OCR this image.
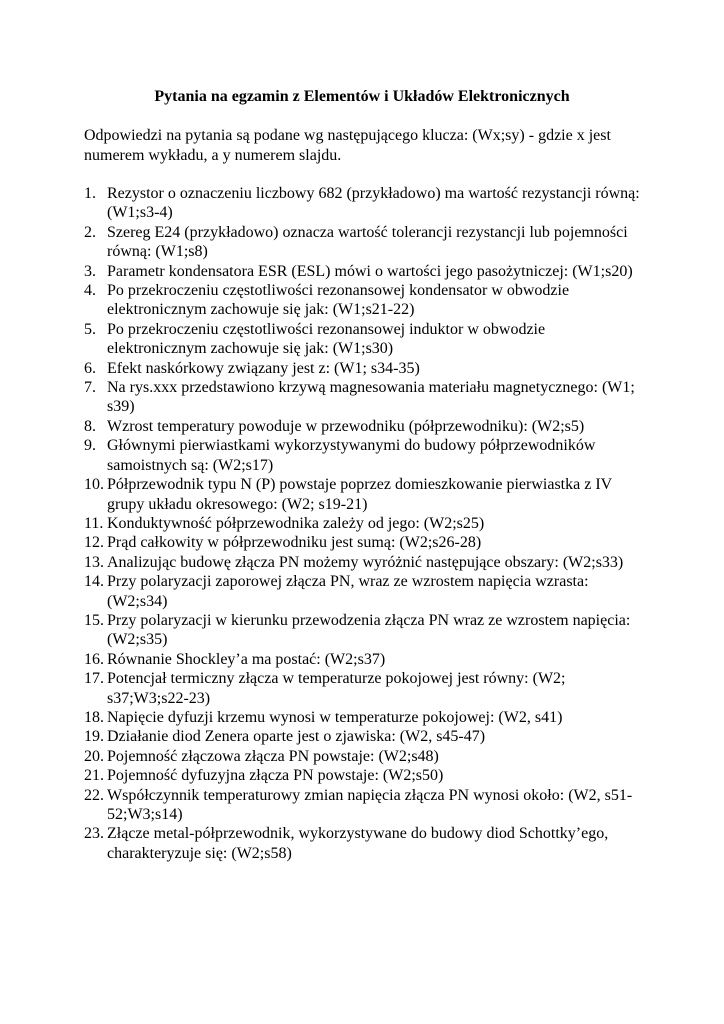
Pytania na egzamin z Elementów i Układów Elektronicznych
Odpowiedzi na pytania są podane wg następującego klucza: (Wx;sy) - gdzie x jest numerem wykładu, a y numerem slajdu.
1. Rezystor o oznaczeniu liczbowy 682 (przykładowo) ma wartość rezystancji równą: (W1;s3-4)
2. Szereg E24 (przykładowo) oznacza wartość tolerancji rezystancji lub pojemności równą: (W1;s8)
3. Parametr kondensatora ESR (ESL) mówi o wartości jego pasożytniczej: (W1;s20)
4. Po przekroczeniu częstotliwości rezonansowej kondensator w obwodzie elektronicznym zachowuje się jak: (W1;s21-22)
5. Po przekroczeniu częstotliwości rezonansowej induktor w obwodzie elektronicznym zachowuje się jak: (W1;s30)
6. Efekt naskórkowy związany jest z: (W1; s34-35)
7. Na rys.xxx przedstawiono krzywą magnesowania materiału magnetycznego: (W1; s39)
8. Wzrost temperatury powoduje w przewodniku (półprzewodniku): (W2;s5)
9. Głównymi pierwiastkami wykorzystywanymi do budowy półprzewodników samoistnych są: (W2;s17)
10. Półprzewodnik typu N (P) powstaje poprzez domieszkowanie pierwiastka z IV grupy układu okresowego: (W2; s19-21)
11. Konduktywność półprzewodnika zależy od jego: (W2;s25)
12. Prąd całkowity w półprzewodniku jest sumą: (W2;s26-28)
13. Analizując budowę złącza PN możemy wyróżnić następujące obszary: (W2;s33)
14. Przy polaryzacji zaporowej złącza PN, wraz ze wzrostem napięcia wzrasta: (W2;s34)
15. Przy polaryzacji w kierunku przewodzenia złącza PN wraz ze wzrostem napięcia: (W2;s35)
16. Równanie Shockley’a ma postać: (W2;s37)
17. Potencjał termiczny złącza w temperaturze pokojowej jest równy: (W2; s37;W3;s22-23)
18. Napięcie dyfuzji krzemu wynosi w temperaturze pokojowej: (W2, s41)
19. Działanie diod Zenera oparte jest o zjawiska: (W2, s45-47)
20. Pojemność złączowa złącza PN powstaje: (W2;s48)
21. Pojemność dyfuzyjna złącza PN powstaje: (W2;s50)
22. Współczynnik temperaturowy zmian napięcia złącza PN wynosi około: (W2, s51-52;W3;s14)
23. Złącze metal-półprzewodnik, wykorzystywane do budowy diod Schottky’ego, charakteryzuje się: (W2;s58)
